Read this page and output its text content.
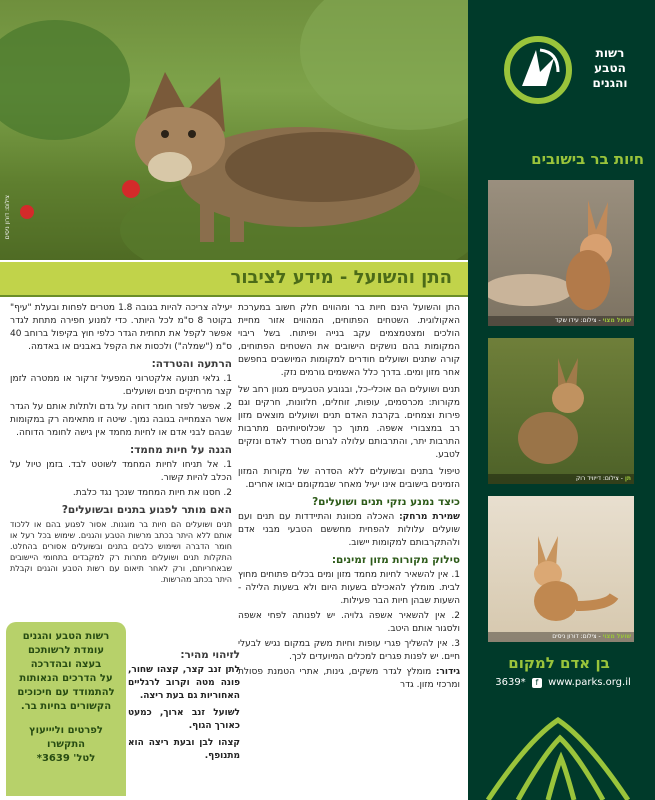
צילום: דורון ניסים
רשות
הטבע
והגנים
חיות בר בישובים
שועל מצוי - צילום: עידו שקד
תן - צילום: דייוויד רוק
שועל מצוי - צילום: דורון ניסים
בן אדם למקום
3639* f www.parks.org.il
התן והשועל - מידע לציבור

התן והשועל הינם חיות בר ומהווים חלק חשוב במערכת האקולוגית. השטחים הפתוחים, המהווים אזור מחיית הולכים ומצטמצמים עקב בנייה ופיתוח. בשל ריבוי המקומות בהם נושקים הישובים את השטחים הפתוחים, קורה שתנים ושועלים חודרים למקומות המיושבים בחפשם אחר מזון ומים. בדרך כלל האשמים גורמים נזק.

תנים ושועלים הם אוכלי-כל, ובגובע הטבעיים מגוון רחב של מקורות: מכרסמים, עופות, זוחלים, חלזונות, חרקים וגם פירות וצמחים. בקרבת האדם תנים ושועלים מוצאים מזון רב במצבורי אשפה. מתוך כך שכלוסיותיהם מתרבות התרבות יתר, והתרבותם עלולה לגרום מטרד לאדם ונזקים לטבע.

טיפול בתנים ובשועלים ללא הסדרה של מקורות המזון הזמינים בישובים אינו יעיל מאחר שבמקומם יבואו אחרים.

כיצד נמנע נזקי תנים ושועלים?

שמירת מרחק: האכלה מכוונת והתיידדות עם תנים ועם שועלים עלולות להפחית מחששם הטבעי מבני אדם ולהתקרבותם למקומות יישוב.

סילוק מקורות מזון זמינים:
1. אין להשאיר לחיות מחמד מזון ומים בכלים פתוחים מחוץ לבית. מומלץ להאכילם בשעות היום ולא בשעות הלילה - השעות שבהן חיות הבר פעילות.
2. אין להשאיר אשפה גלויה. יש לפנותה לפחי אשפה ולסגור אותם היטב.
3. אין להשליך פגרי עופות וחיות משק במקום נגיש לבעלי חיים. יש לפנות פגרים למכלים המיועדים לכך.

גידור: מומלץ לגדר משקים, גינות, אתרי הטמנת פסולת ומרכזי מזון. גדר

יעילה צריכה להיות בגובה 1.8 מטרים לפחות ובעלת "עיף" בקוטר 8 ס"מ לכל היותר. כדי למנוע חפירה מתחת לגדר אפשר לקפל את תחתית הגדר כלפי חוץ בקיפול ברוחב 40 ס"מ ("שמלה") ולכסות את הקפל באבנים או באדמה.

הרתעה והטרדה:
1. גלאי תנועה אלקטרוני המפעיל זרקור או ממטרה לזמן קצר מרחיקים תנים ושועלים.
2. אפשר לפזר חומר דוחה על גדם ולתלות אותם על הגדר אשר הצמחייה בגובה נמוך. שיטה זו מתאימה רק במקומות שבהם לבני אדם או לחיות מחמד אין גישה לחומר הדוחה.
הגנה על חיות מחמד:
1. אל תניחו לחיות המחמד לשוטט לבד. בזמן טיול על הכלב להיות קשור.
2. חסנו את חיות המחמד שנכך נגד כלבת.
האם מותר לפגוע בתנים ובשועלים?

תנים ושועלים הם חיות בר מוגנות. אסור לפגוע בהם או ללכוד אותם ללא היתר בכתב מרשות הטבע והגנים. שימוש בכל רעל או חומר הדברה ושימוש כלבים בתנים ובשועלים אסורים בהחלט. התקלות תנים ושועלים מתרות רק למקבדים בתחומי היישובים שבאחריותם, ורק לאחר תיאום עם רשות הטבע והגנים וקבלת היתר בכתב מהרשות.

לזיהוי מהיר:

לתן זנב קצר, קצהו שחור, פונה מטה וקרוב לרגליים האחוריות גם בעת ריצה.

לשועל זנב ארוך, כמעט כאורך הגוף.

קצהו לבן ובעת ריצה הוא מתנופף.

רשות הטבע והגנים

עומדת לרשותכם

בעצה ובהדרכה

על הדרכים הנאותות

להתמודד עם חיכוכים

הקשורים בחיות בר.

לפרטים וליייעוץ

התקשרו

לטל' 3639*
